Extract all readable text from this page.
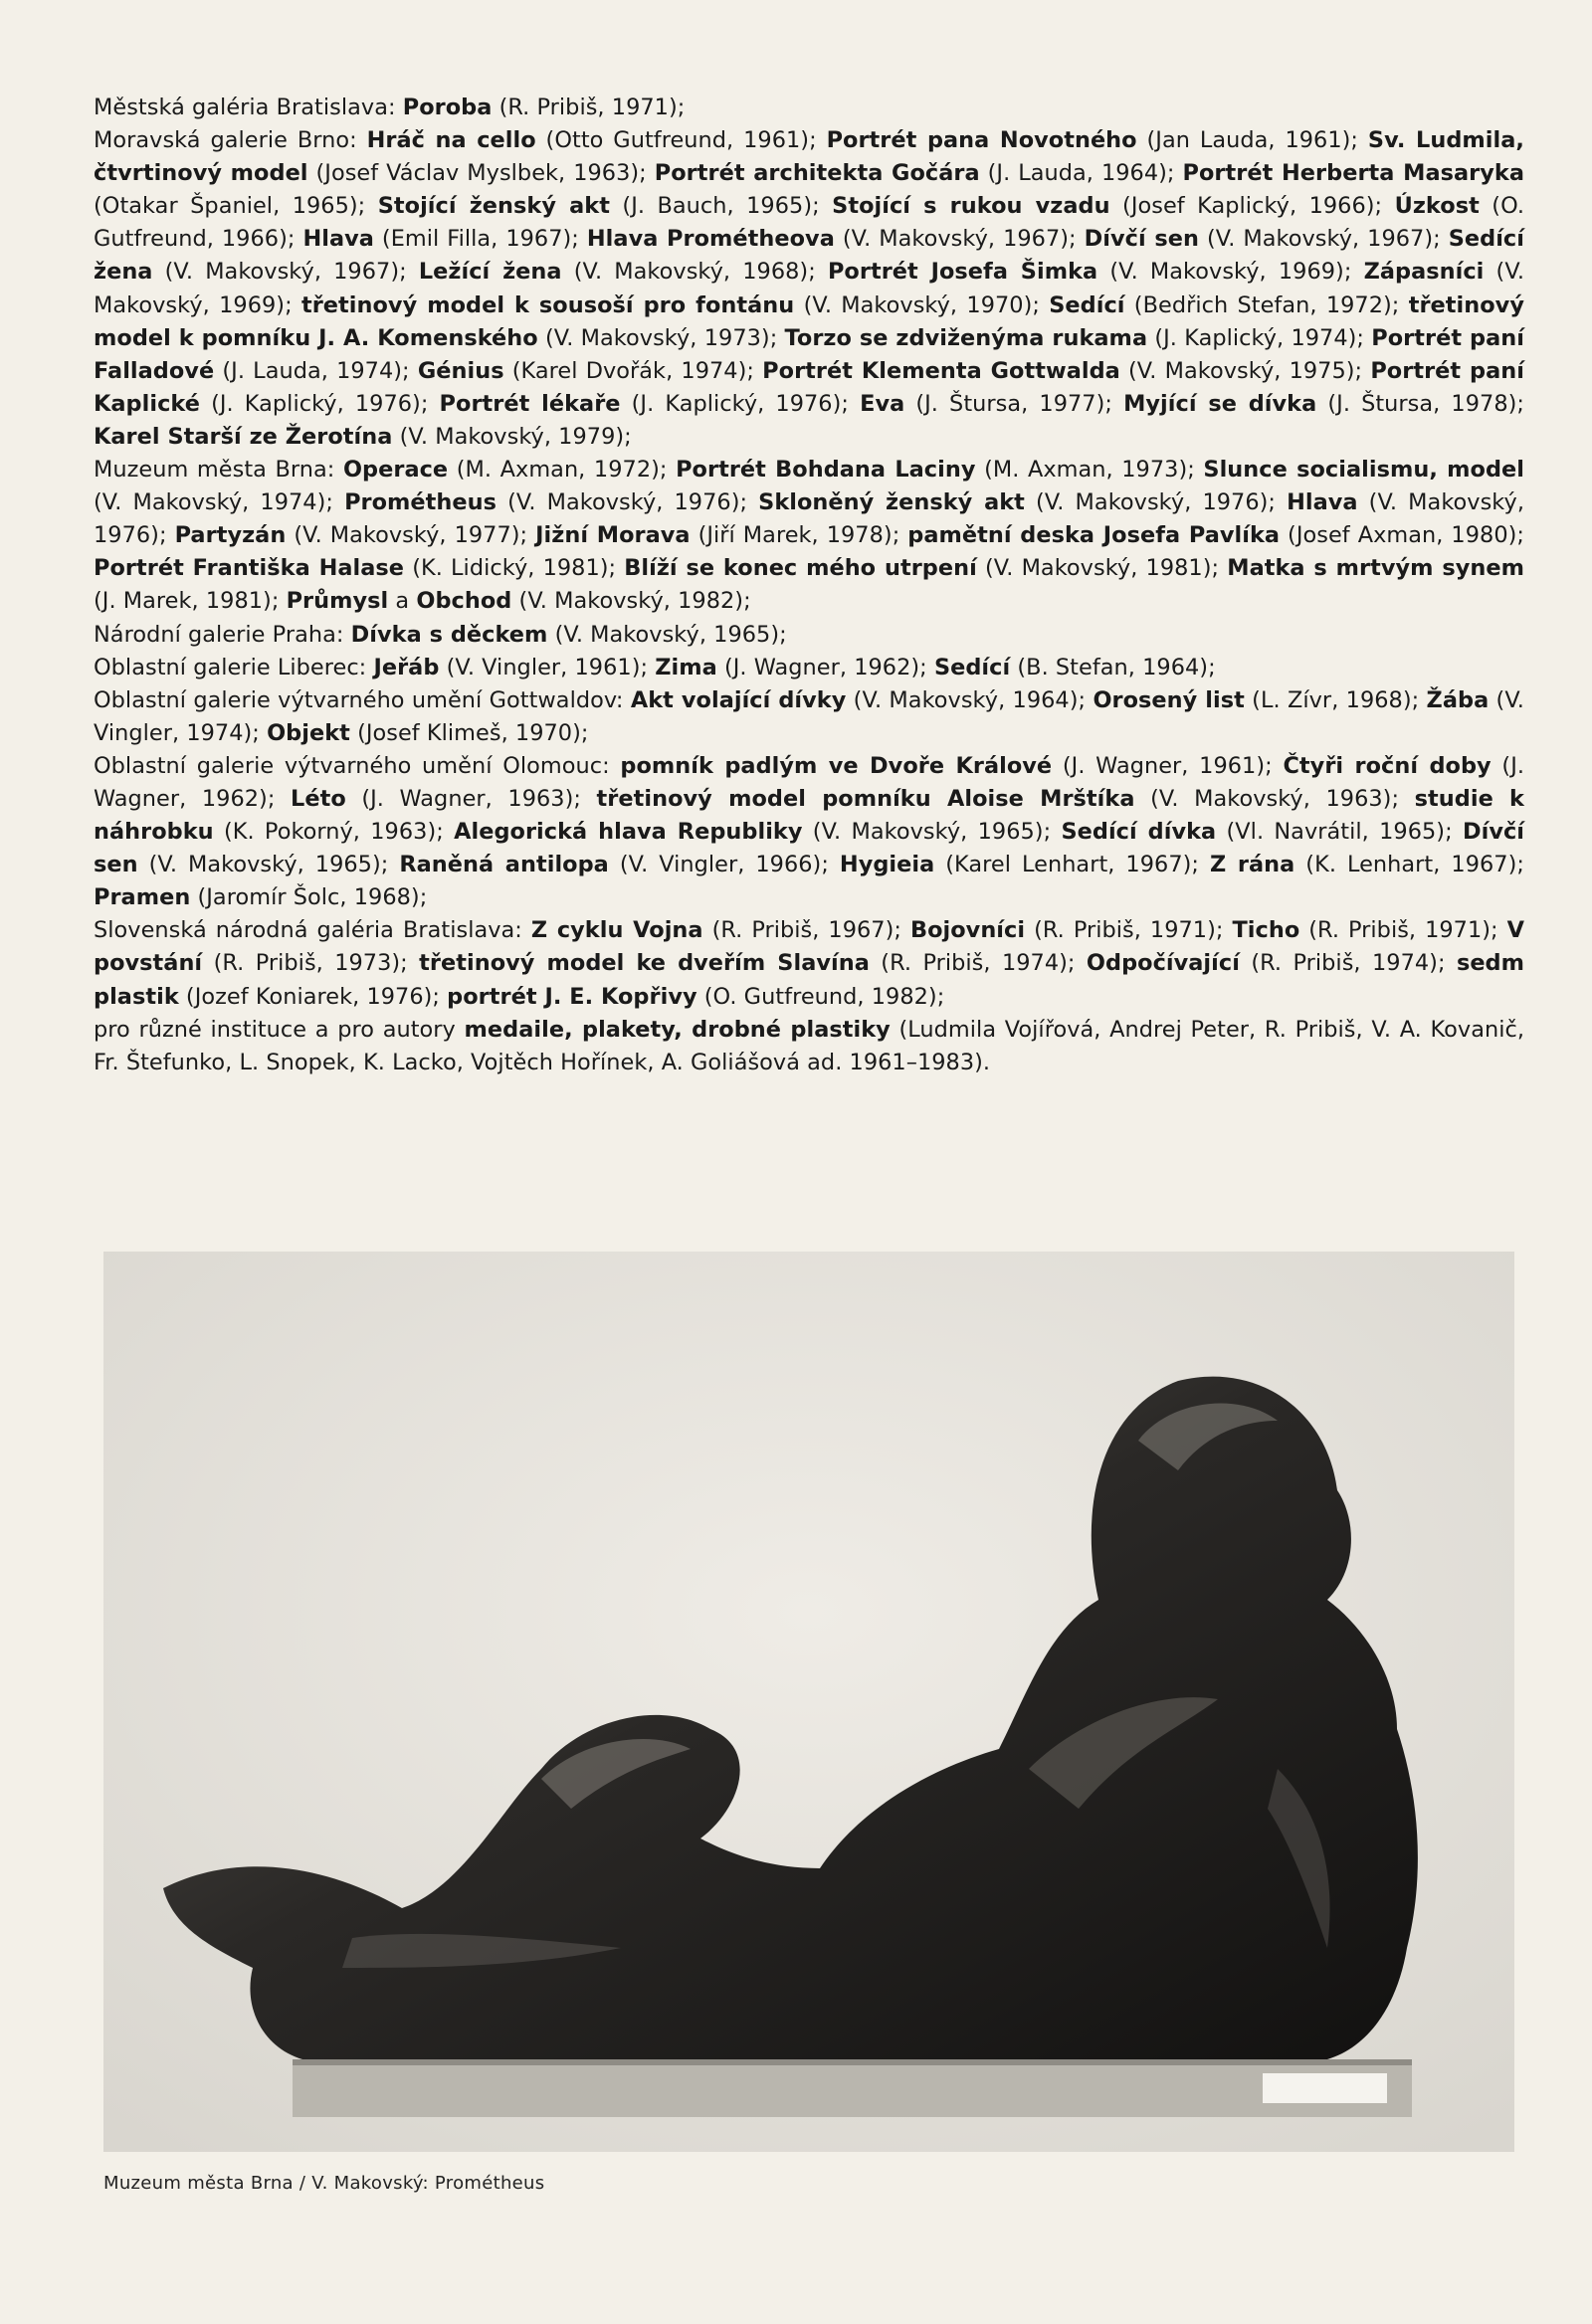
Městská galéria Bratislava: Poroba (R. Pribiš, 1971);

Moravská galerie Brno: Hráč na cello (Otto Gutfreund, 1961); Portrét pana Novotného (Jan Lauda, 1961); Sv. Ludmila, čtvrtinový model (Josef Václav Myslbek, 1963); Portrét architekta Gočára (J. Lauda, 1964); Portrét Herberta Masaryka (Otakar Španiel, 1965); Stojící ženský akt (J. Bauch, 1965); Stojící s rukou vzadu (Josef Kaplický, 1966); Úzkost (O. Gutfreund, 1966); Hlava (Emil Filla, 1967); Hlava Prométheova (V. Makovský, 1967); Dívčí sen (V. Makovský, 1967); Sedící žena (V. Makovský, 1967); Ležící žena (V. Makovský, 1968); Portrét Josefa Šimka (V. Makovský, 1969); Zápasníci (V. Makovský, 1969); třetinový model k sousoší pro fontánu (V. Makovský, 1970); Sedící (Bedřich Stefan, 1972); třetinový model k pomníku J. A. Komenského (V. Makovský, 1973); Torzo se zdviženýma rukama (J. Kaplický, 1974); Portrét paní Falladové (J. Lauda, 1974); Génius (Karel Dvořák, 1974); Portrét Klementa Gottwalda (V. Makovský, 1975); Portrét paní Kaplické (J. Kaplický, 1976); Portrét lékaře (J. Kaplický, 1976); Eva (J. Štursa, 1977); Myjící se dívka (J. Štursa, 1978); Karel Starší ze Žerotína (V. Makovský, 1979);

Muzeum města Brna: Operace (M. Axman, 1972); Portrét Bohdana Laciny (M. Axman, 1973); Slunce socialismu, model (V. Makovský, 1974); Prométheus (V. Makovský, 1976); Skloněný ženský akt (V. Makovský, 1976); Hlava (V. Makovský, 1976); Partyzán (V. Makovský, 1977); Jižní Morava (Jiří Marek, 1978); pamětní deska Josefa Pavlíka (Josef Axman, 1980); Portrét Františka Halase (K. Lidický, 1981); Blíží se konec mého utrpení (V. Makovský, 1981); Matka s mrtvým synem (J. Marek, 1981); Průmysl a Obchod (V. Makovský, 1982);

Národní galerie Praha: Dívka s děckem (V. Makovský, 1965);

Oblastní galerie Liberec: Jeřáb (V. Vingler, 1961); Zima (J. Wagner, 1962); Sedící (B. Stefan, 1964);

Oblastní galerie výtvarného umění Gottwaldov: Akt volající dívky (V. Makovský, 1964); Orosený list (L. Zívr, 1968); Žába (V. Vingler, 1974); Objekt (Josef Klimeš, 1970);

Oblastní galerie výtvarného umění Olomouc: pomník padlým ve Dvoře Králové (J. Wagner, 1961); Čtyři roční doby (J. Wagner, 1962); Léto (J. Wagner, 1963); třetinový model pomníku Aloise Mrštíka (V. Makovský, 1963); studie k náhrobku (K. Pokorný, 1963); Alegorická hlava Republiky (V. Makovský, 1965); Sedící dívka (Vl. Navrátil, 1965); Dívčí sen (V. Makovský, 1965); Raněná antilopa (V. Vingler, 1966); Hygieia (Karel Lenhart, 1967); Z rána (K. Lenhart, 1967); Pramen (Jaromír Šolc, 1968);

Slovenská národná galéria Bratislava: Z cyklu Vojna (R. Pribiš, 1967); Bojovníci (R. Pribiš, 1971); Ticho (R. Pribiš, 1971); V povstání (R. Pribiš, 1973); třetinový model ke dveřím Slavína (R. Pribiš, 1974); Odpočívající (R. Pribiš, 1974); sedm plastik (Jozef Koniarek, 1976); portrét J. E. Kopřivy (O. Gutfreund, 1982);

pro různé instituce a pro autory medaile, plakety, drobné plastiky (Ludmila Vojířová, Andrej Peter, R. Pribiš, V. A. Kovanič, Fr. Štefunko, L. Snopek, K. Lacko, Vojtěch Hořínek, A. Goliášová ad. 1961–1983).

Muzeum města Brna / V. Makovský: Prométheus
